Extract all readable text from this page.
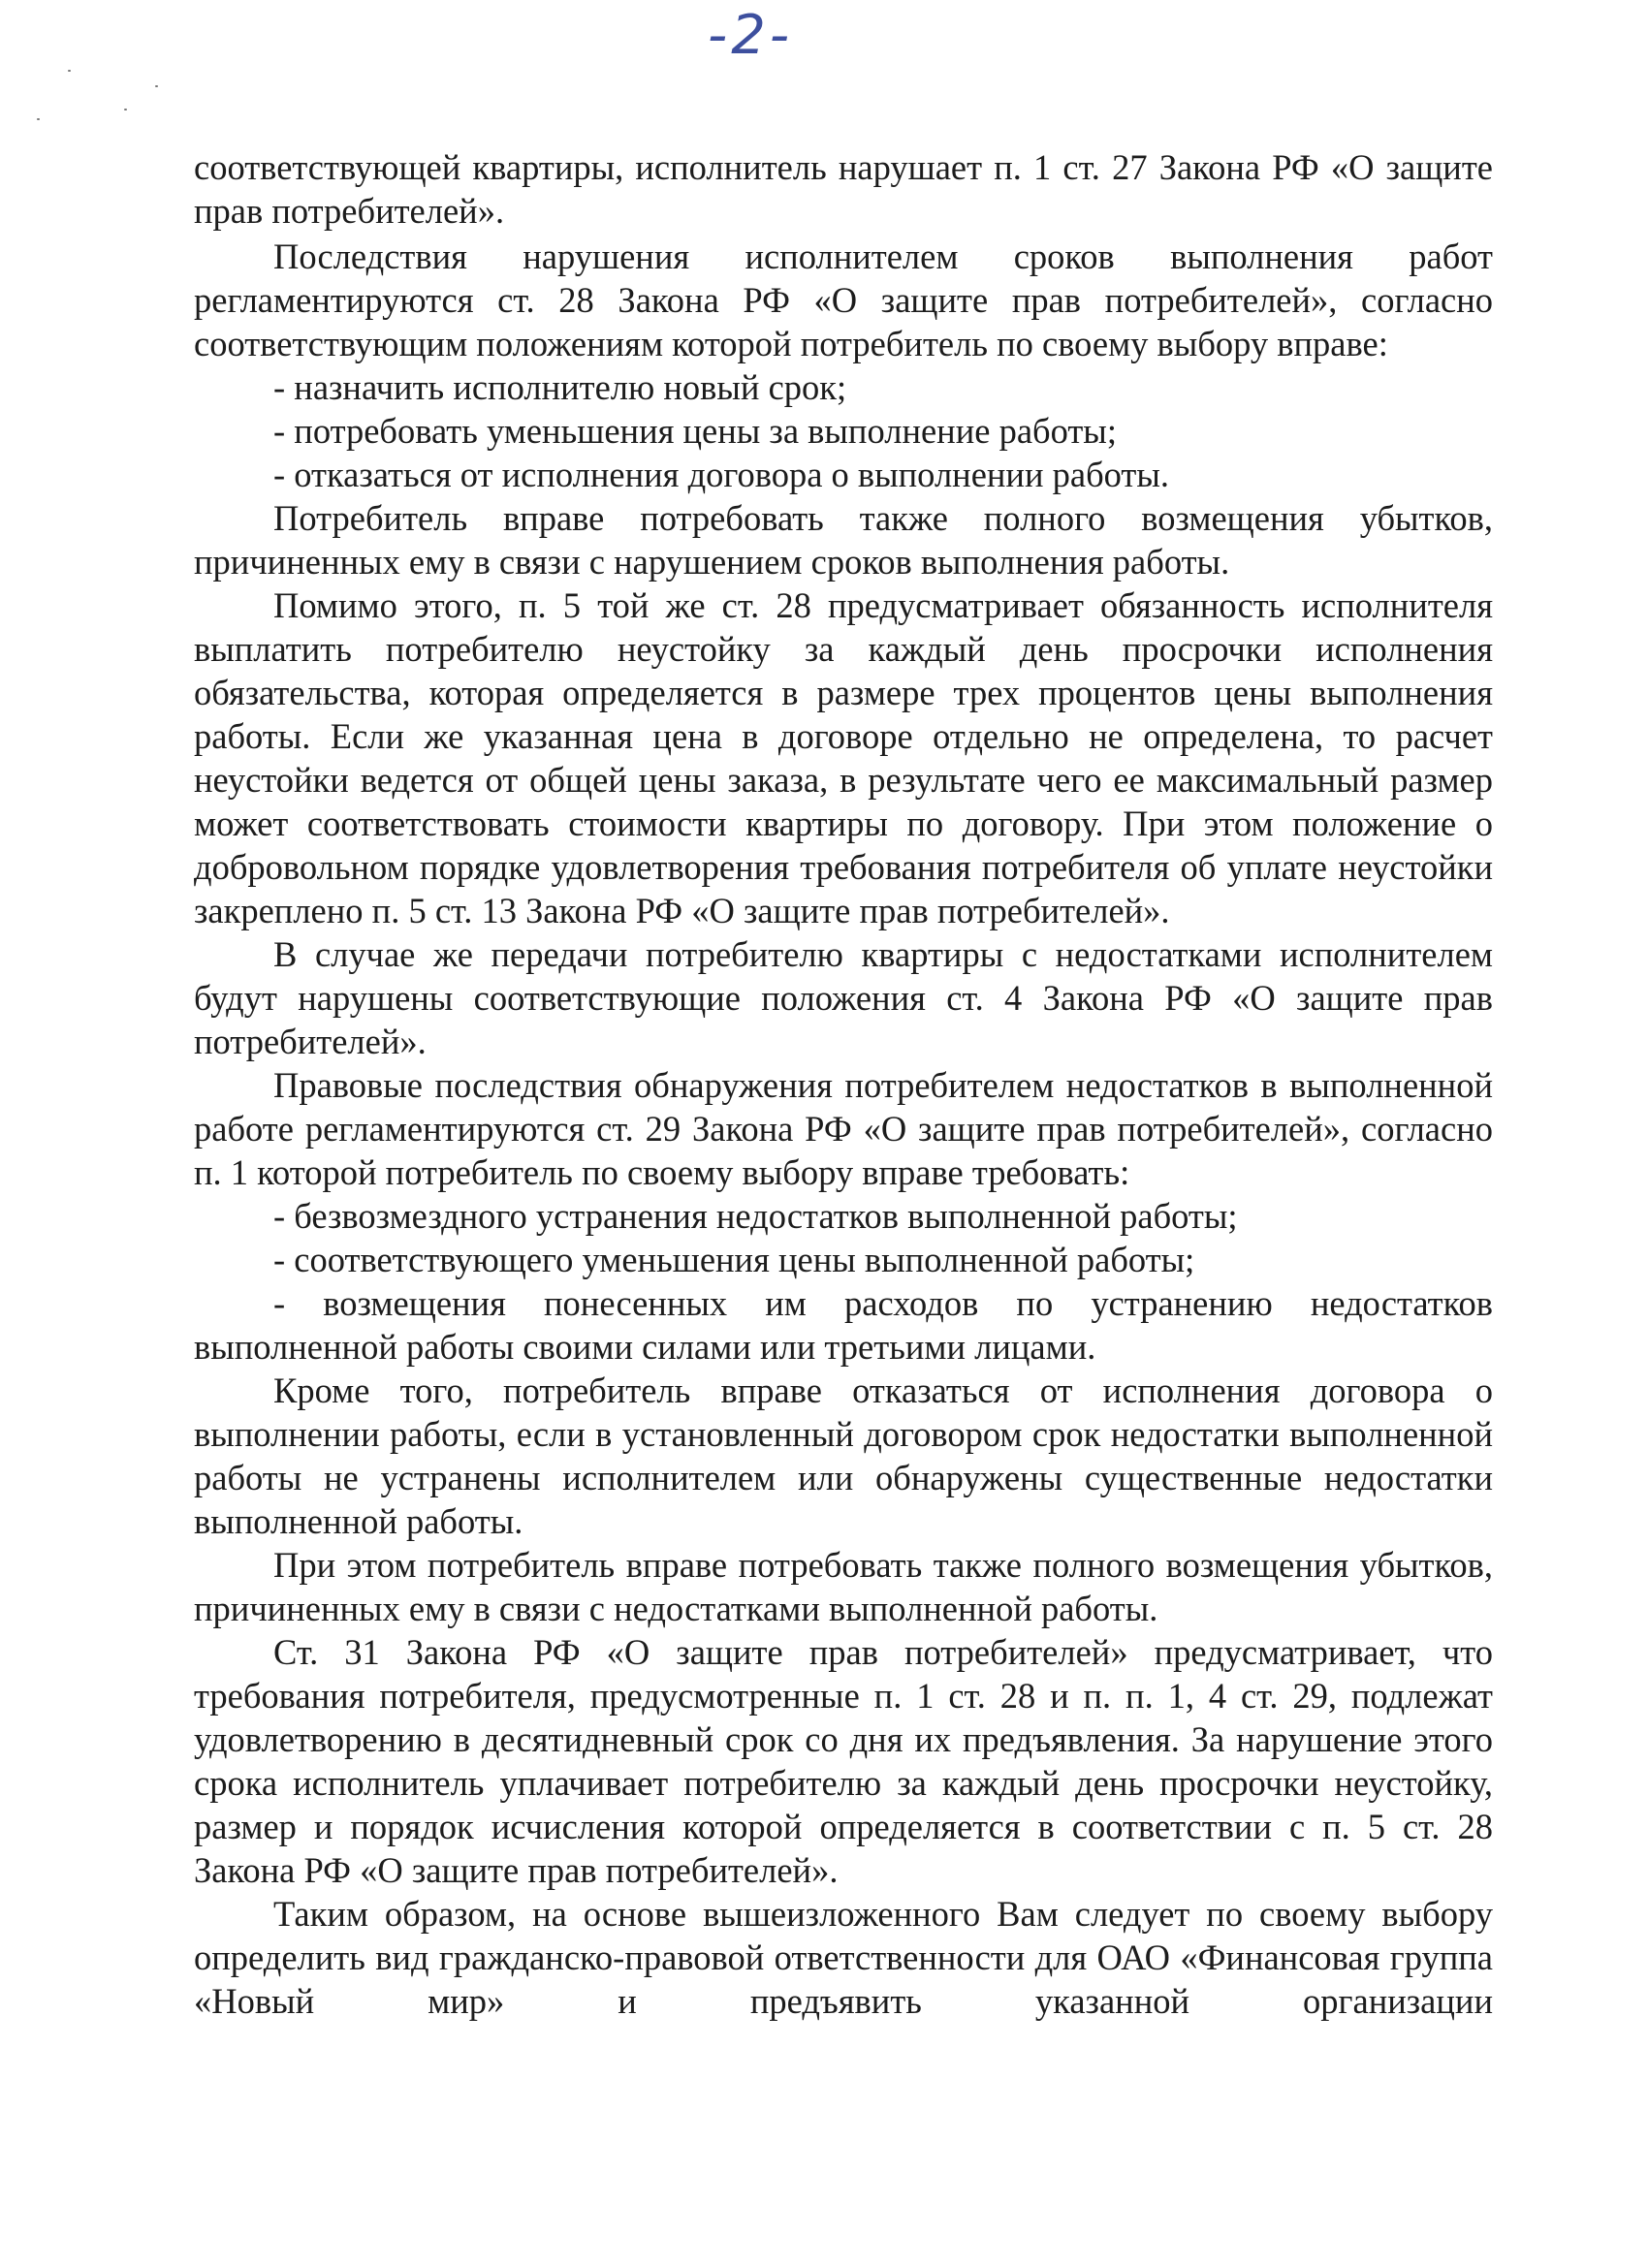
-2-

соответствующей квартиры, исполнитель нарушает п. 1 ст. 27 Закона РФ «О защите прав потребителей».

Последствия нарушения исполнителем сроков выполнения работ регламентируются ст. 28 Закона РФ «О защите прав потребителей», согласно соответствующим положениям которой потребитель по своему выбору вправе:

- назначить исполнителю новый срок;

- потребовать уменьшения цены за выполнение работы;

- отказаться от исполнения договора о выполнении работы.

Потребитель вправе потребовать также полного возмещения убытков, причиненных ему в связи с нарушением сроков выполнения работы.

Помимо этого, п. 5 той же ст. 28 предусматривает обязанность исполнителя выплатить потребителю неустойку за каждый день просрочки исполнения обязательства, которая определяется в размере трех процентов цены выполнения работы. Если же указанная цена в договоре отдельно не определена, то расчет неустойки ведется от общей цены заказа, в результате чего ее максимальный размер может соответствовать стоимости квартиры по договору. При этом положение о добровольном порядке удовлетворения требования потребителя об уплате неустойки закреплено п. 5 ст. 13 Закона РФ «О защите прав потребителей».

В случае же передачи потребителю квартиры с недостатками исполнителем будут нарушены соответствующие положения ст. 4 Закона РФ «О защите прав потребителей».

Правовые последствия обнаружения потребителем недостатков в выполненной работе регламентируются ст. 29 Закона РФ «О защите прав потребителей», согласно п. 1 которой потребитель по своему выбору вправе требовать:

- безвозмездного устранения недостатков выполненной работы;

- соответствующего уменьшения цены выполненной работы;

- возмещения понесенных им расходов по устранению недостатков выполненной работы своими силами или третьими лицами.

Кроме того, потребитель вправе отказаться от исполнения договора о выполнении работы, если в установленный договором срок недостатки выполненной работы не устранены исполнителем или обнаружены существенные недостатки выполненной работы.

При этом потребитель вправе потребовать также полного возмещения убытков, причиненных ему в связи с недостатками выполненной работы.

Ст. 31 Закона РФ «О защите прав потребителей» предусматривает, что требования потребителя, предусмотренные п. 1 ст. 28 и п. п. 1, 4 ст. 29, подлежат удовлетворению в десятидневный срок со дня их предъявления. За нарушение этого срока исполнитель уплачивает потребителю за каждый день просрочки неустойку, размер и порядок исчисления которой определяется в соответствии с п. 5 ст. 28 Закона РФ «О защите прав потребителей».

Таким образом, на основе вышеизложенного Вам следует по своему выбору определить вид гражданско-правовой ответственности для ОАО «Финансовая группа «Новый мир» и предъявить указанной организации
